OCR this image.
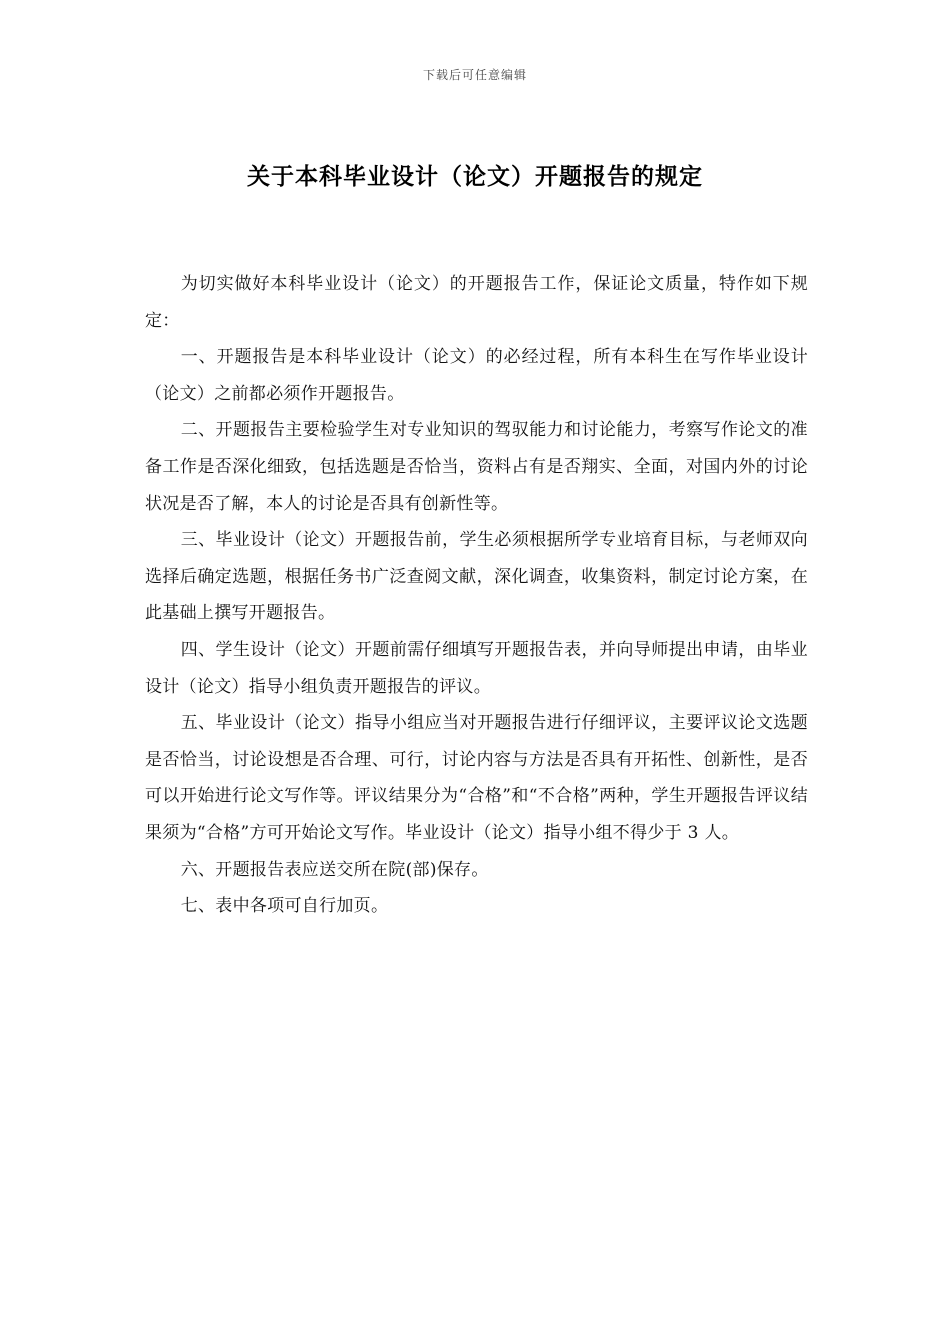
下载后可任意编辑
关于本科毕业设计（论文）开题报告的规定

为切实做好本科毕业设计（论文）的开题报告工作，保证论文质量，特作如下规定：

一、开题报告是本科毕业设计（论文）的必经过程，所有本科生在写作毕业设计（论文）之前都必须作开题报告。

二、开题报告主要检验学生对专业知识的驾驭能力和讨论能力，考察写作论文的准备工作是否深化细致，包括选题是否恰当，资料占有是否翔实、全面，对国内外的讨论状况是否了解，本人的讨论是否具有创新性等。

三、毕业设计（论文）开题报告前，学生必须根据所学专业培育目标，与老师双向选择后确定选题，根据任务书广泛查阅文献，深化调查，收集资料，制定讨论方案，在此基础上撰写开题报告。

四、学生设计（论文）开题前需仔细填写开题报告表，并向导师提出申请，由毕业设计（论文）指导小组负责开题报告的评议。

五、毕业设计（论文）指导小组应当对开题报告进行仔细评议，主要评议论文选题是否恰当，讨论设想是否合理、可行，讨论内容与方法是否具有开拓性、创新性，是否可以开始进行论文写作等。评议结果分为“合格”和“不合格”两种，学生开题报告评议结果须为“合格”方可开始论文写作。毕业设计（论文）指导小组不得少于 3 人。

六、开题报告表应送交所在院(部)保存。

七、表中各项可自行加页。
